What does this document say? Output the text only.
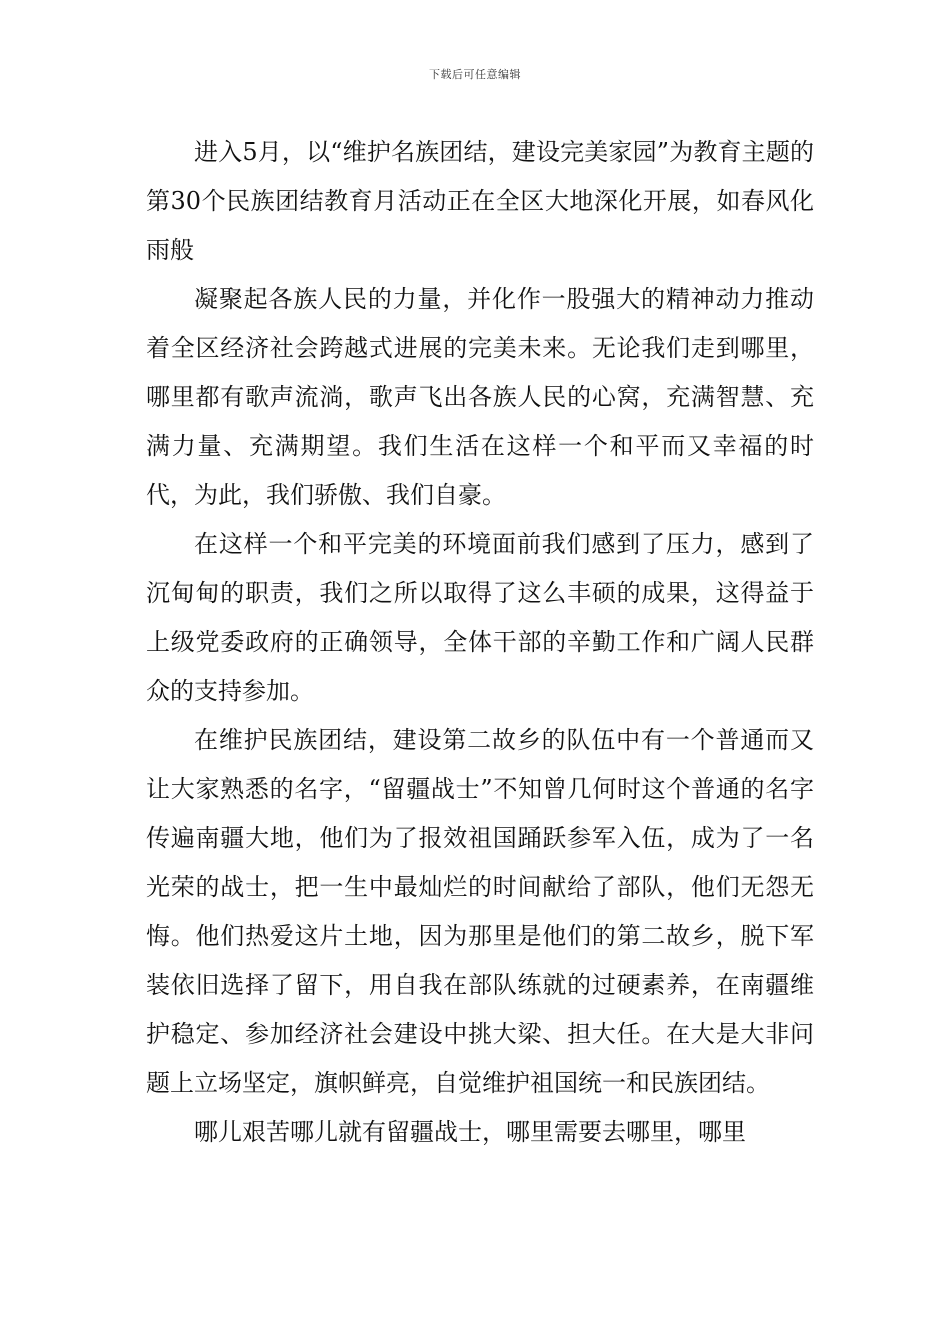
下载后可任意编辑

进入5月，以“维护名族团结，建设完美家园”为教育主题的第30个民族团结教育月活动正在全区大地深化开展，如春风化雨般

凝聚起各族人民的力量，并化作一股强大的精神动力推动着全区经济社会跨越式进展的完美未来。无论我们走到哪里，哪里都有歌声流淌，歌声飞出各族人民的心窝，充满智慧、充满力量、充满期望。我们生活在这样一个和平而又幸福的时代，为此，我们骄傲、我们自豪。

在这样一个和平完美的环境面前我们感到了压力，感到了沉甸甸的职责，我们之所以取得了这么丰硕的成果，这得益于上级党委政府的正确领导，全体干部的辛勤工作和广阔人民群众的支持参加。

在维护民族团结，建设第二故乡的队伍中有一个普通而又让大家熟悉的名字，“留疆战士”不知曾几何时这个普通的名字传遍南疆大地，他们为了报效祖国踊跃参军入伍，成为了一名光荣的战士，把一生中最灿烂的时间献给了部队，他们无怨无悔。他们热爱这片土地，因为那里是他们的第二故乡，脱下军装依旧选择了留下，用自我在部队练就的过硬素养，在南疆维护稳定、参加经济社会建设中挑大梁、担大任。在大是大非问题上立场坚定，旗帜鲜亮，自觉维护祖国统一和民族团结。

哪儿艰苦哪儿就有留疆战士，哪里需要去哪里，哪里
